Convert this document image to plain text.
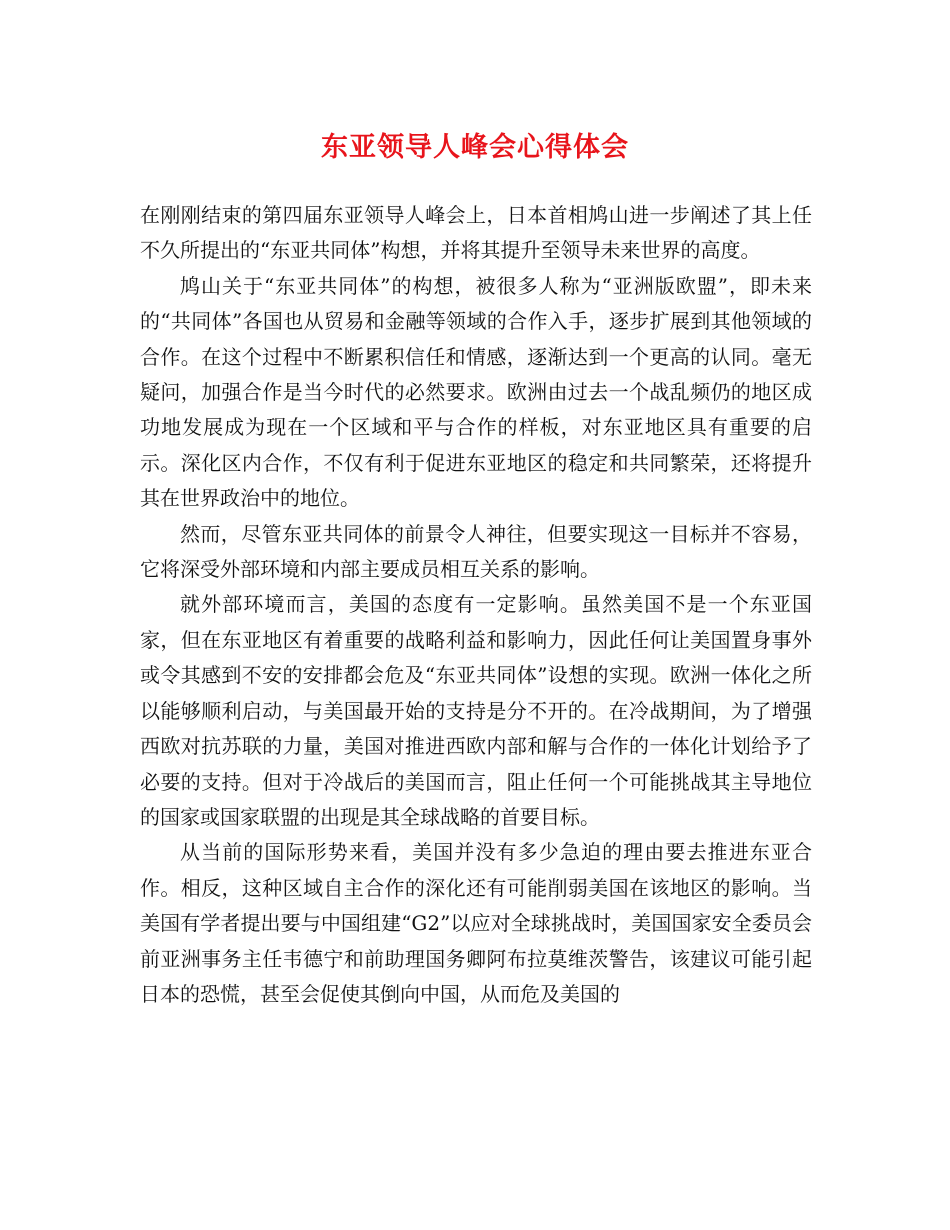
东亚领导人峰会心得体会

在刚刚结束的第四届东亚领导人峰会上，日本首相鸠山进一步阐述了其上任不久所提出的“东亚共同体”构想，并将其提升至领导未来世界的高度。

鸠山关于“东亚共同体”的构想，被很多人称为“亚洲版欧盟”，即未来的“共同体”各国也从贸易和金融等领域的合作入手，逐步扩展到其他领域的合作。在这个过程中不断累积信任和情感，逐渐达到一个更高的认同。毫无疑问，加强合作是当今时代的必然要求。欧洲由过去一个战乱频仍的地区成功地发展成为现在一个区域和平与合作的样板，对东亚地区具有重要的启示。深化区内合作，不仅有利于促进东亚地区的稳定和共同繁荣，还将提升其在世界政治中的地位。

然而，尽管东亚共同体的前景令人神往，但要实现这一目标并不容易，它将深受外部环境和内部主要成员相互关系的影响。

就外部环境而言，美国的态度有一定影响。虽然美国不是一个东亚国家，但在东亚地区有着重要的战略利益和影响力，因此任何让美国置身事外或令其感到不安的安排都会危及“东亚共同体”设想的实现。欧洲一体化之所以能够顺利启动，与美国最开始的支持是分不开的。在冷战期间，为了增强西欧对抗苏联的力量，美国对推进西欧内部和解与合作的一体化计划给予了必要的支持。但对于冷战后的美国而言，阻止任何一个可能挑战其主导地位的国家或国家联盟的出现是其全球战略的首要目标。

从当前的国际形势来看，美国并没有多少急迫的理由要去推进东亚合作。相反，这种区域自主合作的深化还有可能削弱美国在该地区的影响。当美国有学者提出要与中国组建“G2”以应对全球挑战时，美国国家安全委员会前亚洲事务主任韦德宁和前助理国务卿阿布拉莫维茨警告，该建议可能引起日本的恐慌，甚至会促使其倒向中国，从而危及美国的
